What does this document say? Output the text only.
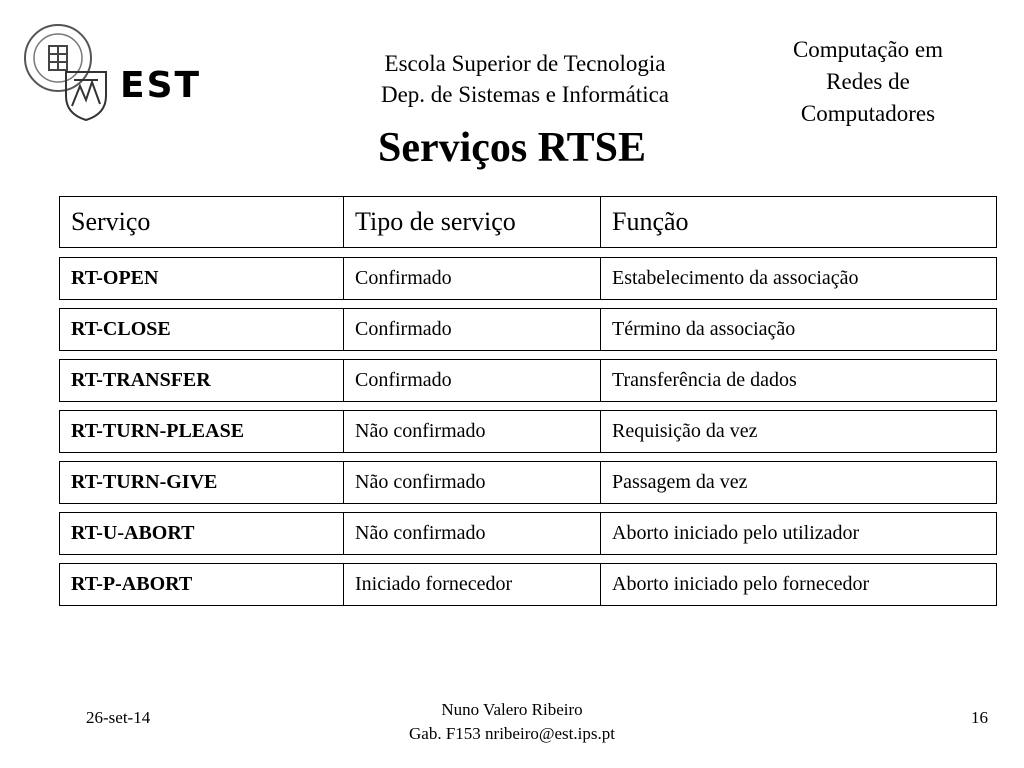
EST
Escola Superior de Tecnologia
Dep. de Sistemas e Informática
Computação em
Redes de
Computadores
Serviços RTSE
Serviço	Tipo de serviço	Função
RT-OPEN	Confirmado	Estabelecimento da associação
RT-CLOSE	Confirmado	Término da associação
RT-TRANSFER	Confirmado	Transferência de dados
RT-TURN-PLEASE	Não confirmado	Requisição da vez
RT-TURN-GIVE	Não confirmado	Passagem da vez
RT-U-ABORT	Não confirmado	Aborto iniciado pelo utilizador
RT-P-ABORT	Iniciado fornecedor	Aborto iniciado pelo fornecedor
26-set-14	Nuno Valero Ribeiro
Gab. F153 nribeiro@est.ips.pt
16
